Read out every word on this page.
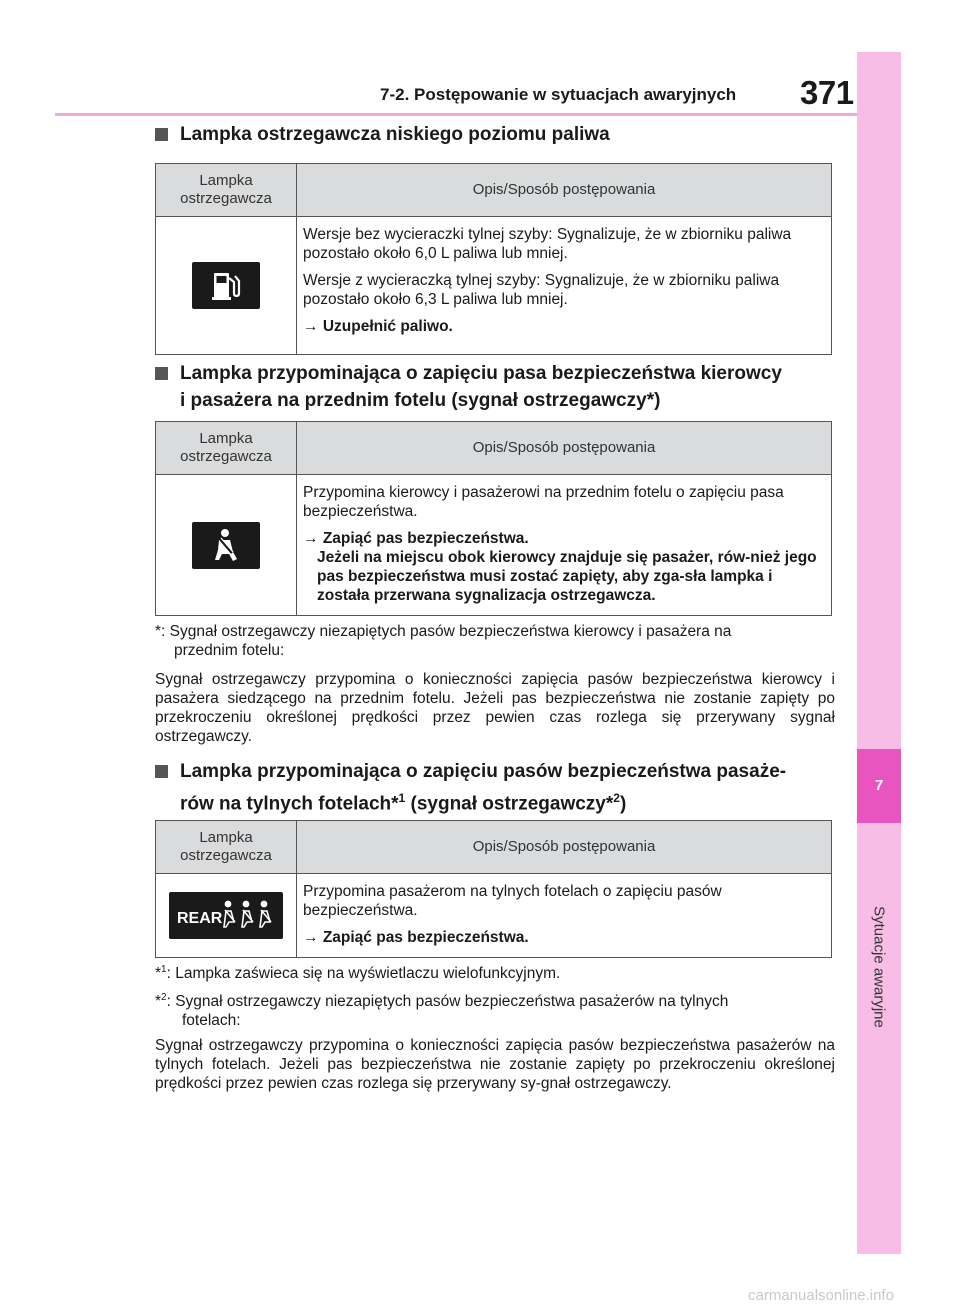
7-2. Postępowanie w sytuacjach awaryjnych 371
7
Sytuacje awaryjne
Lampka ostrzegawcza niskiego poziomu paliwa
Lampka
ostrzegawcza	Opis/Sposób postępowania

Wersje bez wycieraczki tylnej szyby: Sygnalizuje, że w zbiorniku paliwa pozostało około 6,0 L paliwa lub mniej.

Wersje z wycieraczką tylnej szyby: Sygnalizuje, że w zbiorniku paliwa pozostało około 6,3 L paliwa lub mniej.

→ Uzupełnić paliwo.

Lampka przypominająca o zapięciu pasa bezpieczeństwa kierowcy
i pasażera na przednim fotelu (sygnał ostrzegawczy*)
Lampka
ostrzegawcza	Opis/Sposób postępowania

Przypomina kierowcy i pasażerowi na przednim fotelu o zapięciu pasa bezpieczeństwa.

→ Zapiąć pas bezpieczeństwa.

Jeżeli na miejscu obok kierowcy znajduje się pasażer, rów-nież jego pas bezpieczeństwa musi zostać zapięty, aby zga-sła lampka i została przerwana sygnalizacja ostrzegawcza.

*: Sygnał ostrzegawczy niezapiętych pasów bezpieczeństwa kierowcy i pasażera na
przednim fotelu:
Sygnał ostrzegawczy przypomina o konieczności zapięcia pasów bezpieczeństwa kierowcy i pasażera siedzącego na przednim fotelu. Jeżeli pas bezpieczeństwa nie zostanie zapięty po przekroczeniu określonej prędkości przez pewien czas rozlega się przerywany sygnał ostrzegawczy.
Lampka przypominająca o zapięciu pasów bezpieczeństwa pasaże-
rów na tylnych fotelach*$^1$ (sygnał ostrzegawczy*$^2$)
Lampka
ostrzegawcza	Opis/Sposób postępowania

REAR	Przypomina pasażerom na tylnych fotelach o zapięciu pasów bezpieczeństwa.

→ Zapiąć pas bezpieczeństwa.

*$^1$: Lampka zaświeca się na wyświetlaczu wielofunkcyjnym.
*$^2$: Sygnał ostrzegawczy niezapiętych pasów bezpieczeństwa pasażerów na tylnych
fotelach:
Sygnał ostrzegawczy przypomina o konieczności zapięcia pasów bezpieczeństwa pasażerów na tylnych fotelach. Jeżeli pas bezpieczeństwa nie zostanie zapięty po przekroczeniu określonej prędkości przez pewien czas rozlega się przerywany sy-gnał ostrzegawczy.
carmanualsonline.info
